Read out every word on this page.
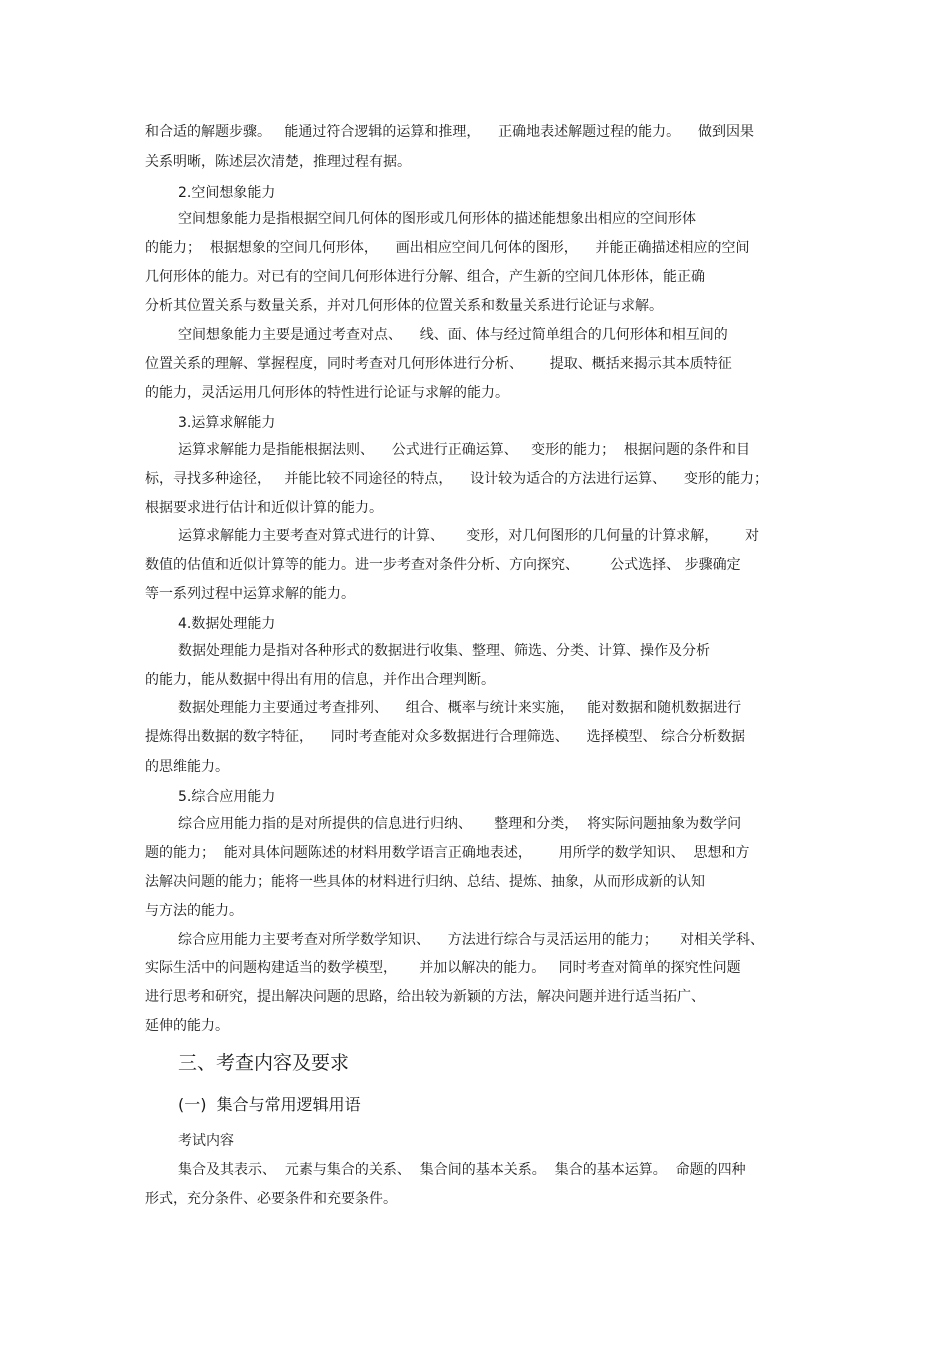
和合适的解题步骤。   能通过符合逻辑的运算和推理，    正确地表述解题过程的能力。    做到因果
关系明晰，陈述层次清楚，推理过程有据。
2.空间想象能力
空间想象能力是指根据空间几何体的图形或几何形体的描述能想象出相应的空间形体
的能力；  根据想象的空间几何形体，    画出相应空间几何体的图形，    并能正确描述相应的空间
几何形体的能力。对已有的空间几何形体进行分解、组合，产生新的空间几体形体，能正确
分析其位置关系与数量关系，并对几何形体的位置关系和数量关系进行论证与求解。
空间想象能力主要是通过考查对点、    线、面、体与经过简单组合的几何形体和相互间的
位置关系的理解、掌握程度，同时考查对几何形体进行分析、      提取、概括来揭示其本质特征
的能力，灵活运用几何形体的特性进行论证与求解的能力。
3.运算求解能力
运算求解能力是指能根据法则、    公式进行正确运算、   变形的能力；  根据问题的条件和目
标，寻找多种途径，   并能比较不同途径的特点，    设计较为适合的方法进行运算、    变形的能力；
根据要求进行估计和近似计算的能力。
运算求解能力主要考查对算式进行的计算、     变形，对几何图形的几何量的计算求解，      对
数值的估值和近似计算等的能力。进一步考查对条件分析、方向探究、       公式选择、 步骤确定
等一系列过程中运算求解的能力。
4.数据处理能力
数据处理能力是指对各种形式的数据进行收集、整理、筛选、分类、计算、操作及分析
的能力，能从数据中得出有用的信息，并作出合理判断。
数据处理能力主要通过考查排列、    组合、概率与统计来实施，   能对数据和随机数据进行
提炼得出数据的数字特征，    同时考查能对众多数据进行合理筛选、    选择模型、 综合分析数据
的思维能力。
5.综合应用能力
综合应用能力指的是对所提供的信息进行归纳、     整理和分类，  将实际问题抽象为数学问
题的能力；  能对具体问题陈述的材料用数学语言正确地表述，      用所学的数学知识、  思想和方
法解决问题的能力；能将一些具体的材料进行归纳、总结、提炼、抽象，从而形成新的认知
与方法的能力。
综合应用能力主要考查对所学数学知识、    方法进行综合与灵活运用的能力；     对相关学科、
实际生活中的问题构建适当的数学模型，     并加以解决的能力。   同时考查对简单的探究性问题
进行思考和研究，提出解决问题的思路，给出较为新颖的方法，解决问题并进行适当拓广、
延伸的能力。
三、考查内容及要求
(一)  集合与常用逻辑用语
考试内容
集合及其表示、  元素与集合的关系、  集合间的基本关系。  集合的基本运算。  命题的四种
形式，充分条件、必要条件和充要条件。
